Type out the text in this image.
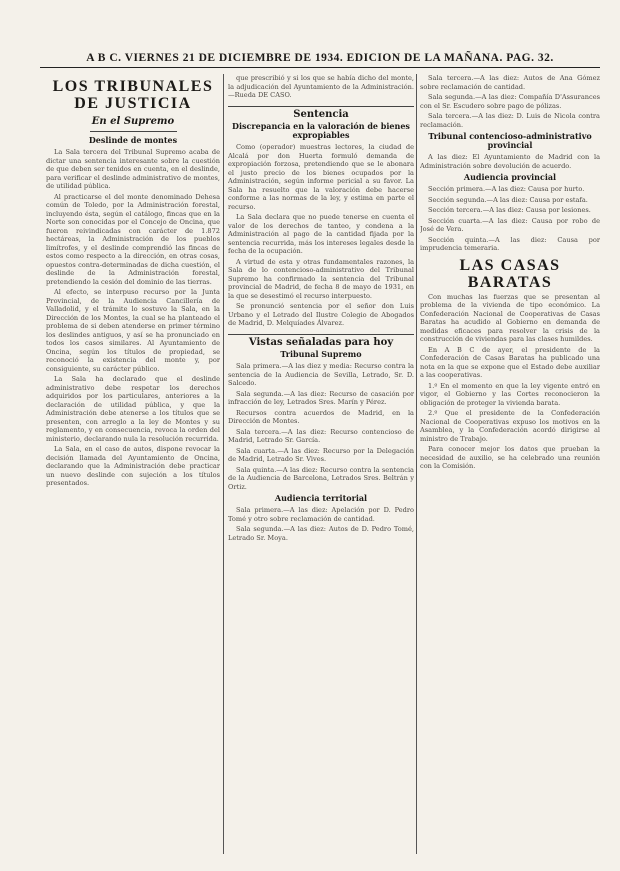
A B C. VIERNES 21 DE DICIEMBRE DE 1934. EDICION DE LA MAÑANA. PAG. 32.
LOS TRIBUNALES DE JUSTICIA
En el Supremo
Deslinde de montes

La Sala tercera del Tribunal Supremo acaba de dictar una sentencia interesante sobre la cuestión de que deben ser tenidos en cuenta, en el deslinde, para verificar el deslinde administrativo de montes, de utilidad pública.

Al practicarse el del monte denominado Dehesa común de Toledo, por la Administración forestal, incluyendo ésta, según el catálogo, fincas que en la Norte son conocidas por el Concejo de Oncina, que fueron reivindicadas con carácter de 1.872 hectáreas, la Administración de los pueblos limítrofes, y el deslinde comprendió las fincas de estos como respecto a la dirección, en otras cosas, opuestos contra-determinadas de dicha cuestión, el deslinde de la Administración forestal, pretendiendo la cesión del dominio de las tierras.

Al efecto, se interpuso recurso por la Junta Provincial, de la Audiencia Cancillería de Valladolid, y el trámite lo sostuvo la Sala, en la Dirección de los Montes, la cual se ha planteado el problema de si deben atenderse en primer término los deslindes antiguos, y así se ha pronunciado en todos los casos similares. Al Ayuntamiento de Oncina, según los títulos de propiedad, se reconoció la existencia del monte y, por consiguiente, su carácter público.

La Sala ha declarado que el deslinde administrativo debe respetar los derechos adquiridos por los particulares, anteriores a la declaración de utilidad pública, y que la Administración debe atenerse a los títulos que se presenten, con arreglo a la ley de Montes y su reglamento, y en consecuencia, revoca la orden del ministerio, declarando nula la resolución recurrida.

La Sala, en el caso de autos, dispone revocar la decisión llamada del Ayuntamiento de Oncina, declarando que la Administración debe practicar un nuevo deslinde con sujeción a los títulos presentados.

que prescribió y si los que se había dicho del monte, la adjudicación del Ayuntamiento de la Administración.—Rueda DE CASO.

Sentencia
Discrepancia en la valoración de bienes expropiables

Como (operador) muestras lectores, la ciudad de Alcalá por don Huerta formuló demanda de expropiación forzosa, pretendiendo que se le abonara el justo precio de los bienes ocupados por la Administración, según informe pericial a su favor. La Sala ha resuelto que la valoración debe hacerse conforme a las normas de la ley, y estima en parte el recurso.

La Sala declara que no puede tenerse en cuenta el valor de los derechos de tanteo, y condena a la Administración al pago de la cantidad fijada por la sentencia recurrida, más los intereses legales desde la fecha de la ocupación.

A virtud de esta y otras fundamentales razones, la Sala de lo contencioso-administrativo del Tribunal Supremo ha confirmado la sentencia del Tribunal provincial de Madrid, de fecha 8 de mayo de 1931, en la que se desestimó el recurso interpuesto.

Se pronunció sentencia por el señor don Luis Urbano y el Letrado del Ilustre Colegio de Abogados de Madrid, D. Melquíades Álvarez.

Vistas señaladas para hoy
Tribunal Supremo

Sala primera.—A las diez y media: Recurso contra la sentencia de la Audiencia de Sevilla, Letrado, Sr. D. Salcedo.

Sala segunda.—A las diez: Recurso de casación por infracción de ley, Letrados Sres. Marín y Pérez.

Recursos contra acuerdos de Madrid, en la Dirección de Montes.

Sala tercera.—A las diez: Recurso contencioso de Madrid, Letrado Sr. García.

Sala cuarta.—A las diez: Recurso por la Delegación de Madrid, Letrado Sr. Vives.

Sala quinta.—A las diez: Recurso contra la sentencia de la Audiencia de Barcelona, Letrados Sres. Beltrán y Ortiz.

Audiencia territorial

Sala primera.—A las diez: Apelación por D. Pedro Tomé y otro sobre reclamación de cantidad.

Sala segunda.—A las diez: Autos de D. Pedro Tomé, Letrado Sr. Moya.

Sala tercera.—A las diez: Autos de Ana Gómez sobre reclamación de cantidad.

Sala segunda.—A las diez: Compañía D'Assurances con el Sr. Escudero sobre pago de pólizas.

Sala tercera.—A las diez: D. Luis de Nicola contra reclamación.

Tribunal contencioso-administrativo provincial

A las diez: El Ayuntamiento de Madrid con la Administración sobre devolución de acuerdo.

Audiencia provincial

Sección primera.—A las diez: Causa por hurto.

Sección segunda.—A las diez: Causa por estafa.

Sección tercera.—A las diez: Causa por lesiones.

Sección cuarta.—A las diez: Causa por robo de José de Vera.

Sección quinta.—A las diez: Causa por imprudencia temeraria.

LAS CASAS BARATAS

Con muchas las fuerzas que se presentan al problema de la vivienda de tipo económico. La Confederación Nacional de Cooperativas de Casas Baratas ha acudido al Gobierno en demanda de medidas eficaces para resolver la crisis de la construcción de viviendas para las clases humildes.

En A B C de ayer, el presidente de la Confederación de Casas Baratas ha publicado una nota en la que se expone que el Estado debe auxiliar a las cooperativas.

1.º En el momento en que la ley vigente entró en vigor, el Gobierno y las Cortes reconocieron la obligación de proteger la vivienda barata.

2.º Que el presidente de la Confederación Nacional de Cooperativas expuso los motivos en la Asamblea, y la Confederación acordó dirigirse al ministro de Trabajo.

Para conocer mejor los datos que prueban la necesidad de auxilio, se ha celebrado una reunión con la Comisión.
